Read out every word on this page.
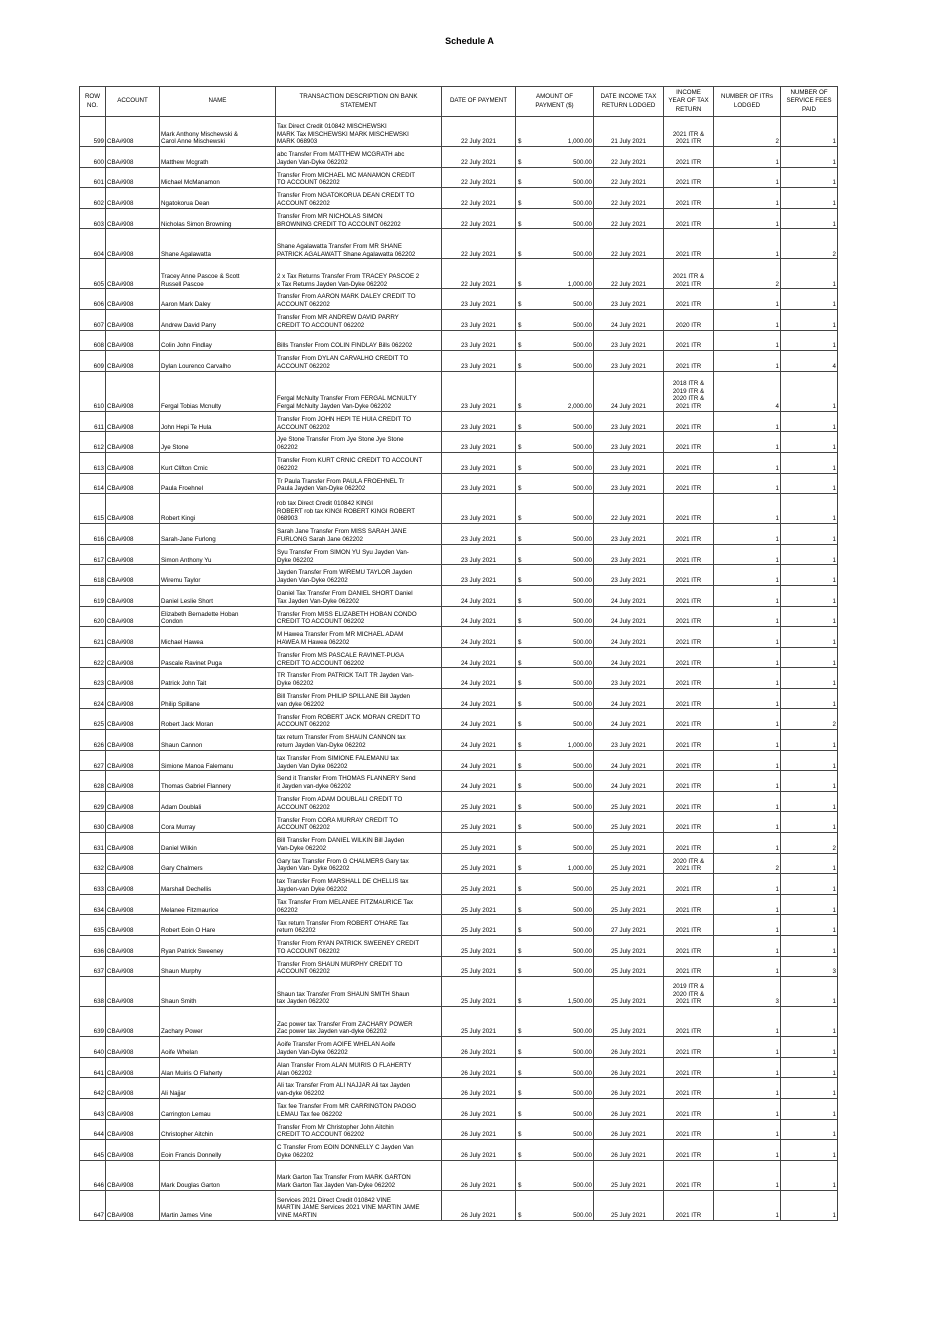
Schedule A
ROW
NO.	ACCOUNT	NAME	TRANSACTION DESCRIPTION ON BANK
STATEMENT	DATE OF PAYMENT	AMOUNT OF
PAYMENT ($)	DATE INCOME TAX
RETURN LODGED	INCOME
YEAR OF TAX
RETURN	NUMBER OF ITRs
LODGED	NUMBER OF
SERVICE FEES
PAID
599	CBA#908	Mark Anthony Mischewski &
Carol Anne Mischewski	Tax Direct Credit 010842 MISCHEWSKI
MARK Tax MISCHEWSKI MARK MISCHEWSKI
MARK 068903	22 July 2021	$ 1,000.00	21 July 2021	2021 ITR &
2021 ITR	2	1
600	CBA#908	Matthew Mcgrath	abc Transfer From MATTHEW MCGRATH abc
Jayden Van-Dyke 062202	22 July 2021	$ 500.00	22 July 2021	2021 ITR	1	1
601	CBA#908	Michael McManamon	Transfer From MICHAEL MC MANAMON CREDIT
TO ACCOUNT 062202	22 July 2021	$ 500.00	22 July 2021	2021 ITR	1	1
602	CBA#908	Ngatokorua Dean	Transfer From NGATOKORUA DEAN CREDIT TO
ACCOUNT 062202	22 July 2021	$ 500.00	22 July 2021	2021 ITR	1	1
603	CBA#908	Nicholas Simon Browning	Transfer From MR NICHOLAS SIMON
BROWNING CREDIT TO ACCOUNT 062202	22 July 2021	$ 500.00	22 July 2021	2021 ITR	1	1
604	CBA#908	Shane Agalawatta	Shane Agalawatta Transfer From MR SHANE
PATRICK AGALAWATT Shane Agalawatta 062202	22 July 2021	$ 500.00	22 July 2021	2021 ITR	1	2
605	CBA#908	Tracey Anne Pascoe & Scott
Russell Pascoe	2 x Tax Returns Transfer From TRACEY PASCOE 2
x Tax Returns Jayden Van-Dyke 062202	22 July 2021	$ 1,000.00	22 July 2021	2021 ITR &
2021 ITR	2	1
606	CBA#908	Aaron Mark Daley	Transfer From AARON MARK DALEY CREDIT TO
ACCOUNT 062202	23 July 2021	$ 500.00	23 July 2021	2021 ITR	1	1
607	CBA#908	Andrew David Parry	Transfer From MR ANDREW DAVID PARRY
CREDIT TO ACCOUNT 062202	23 July 2021	$ 500.00	24 July 2021	2020 ITR	1	1
608	CBA#908	Colin John Findlay	Bills Transfer From COLIN FINDLAY Bills 062202	23 July 2021	$ 500.00	23 July 2021	2021 ITR	1	1
609	CBA#908	Dylan Lourenco Carvalho	Transfer From DYLAN CARVALHO CREDIT TO
ACCOUNT 062202	23 July 2021	$ 500.00	23 July 2021	2021 ITR	1	4
610	CBA#908	Fergal Tobias Mcnulty	Fergal McNulty Transfer From FERGAL MCNULTY
Fergal McNulty Jayden Van-Dyke 062202	23 July 2021	$ 2,000.00	24 July 2021	2018 ITR &
2019 ITR &
2020 ITR &
2021 ITR	4	1
611	CBA#908	John Hepi Te Hula	Transfer From JOHN HEPI TE HUIA CREDIT TO
ACCOUNT 062202	23 July 2021	$ 500.00	23 July 2021	2021 ITR	1	1
612	CBA#908	Jye Stone	Jye Stone Transfer From Jye Stone Jye Stone
062202	23 July 2021	$ 500.00	23 July 2021	2021 ITR	1	1
613	CBA#908	Kurt Clifton Crnic	Transfer From KURT CRNIC CREDIT TO ACCOUNT
062202	23 July 2021	$ 500.00	23 July 2021	2021 ITR	1	1
614	CBA#908	Paula Froehnel	Tr Paula Transfer From PAULA FROEHNEL Tr
Paula Jayden Van-Dyke 062202	23 July 2021	$ 500.00	23 July 2021	2021 ITR	1	1
615	CBA#908	Robert Kingi	rob tax Direct Credit 010842 KINGI
ROBERT rob tax KINGI ROBERT KINGI ROBERT
068903	23 July 2021	$ 500.00	22 July 2021	2021 ITR	1	1
616	CBA#908	Sarah-Jane Furlong	Sarah Jane Transfer From MISS SARAH JANE
FURLONG Sarah Jane 062202	23 July 2021	$ 500.00	23 July 2021	2021 ITR	1	1
617	CBA#908	Simon Anthony Yu	Syu Transfer From SIMON YU Syu Jayden Van-
Dyke 062202	23 July 2021	$ 500.00	23 July 2021	2021 ITR	1	1
618	CBA#908	Wiremu Taylor	Jayden Transfer From WIREMU TAYLOR Jayden
Jayden Van-Dyke 062202	23 July 2021	$ 500.00	23 July 2021	2021 ITR	1	1
619	CBA#908	Daniel Leslie Short	Daniel Tax Transfer From DANIEL SHORT Daniel
Tax Jayden Van-Dyke 062202	24 July 2021	$ 500.00	24 July 2021	2021 ITR	1	1
620	CBA#908	Elizabeth Bernadette Hoban
Condon	Transfer From MISS ELIZABETH HOBAN CONDO
CREDIT TO ACCOUNT 062202	24 July 2021	$ 500.00	24 July 2021	2021 ITR	1	1
621	CBA#908	Michael Hawea	M Hawea Transfer From MR MICHAEL ADAM
HAWEA M Hawea 062202	24 July 2021	$ 500.00	24 July 2021	2021 ITR	1	1
622	CBA#908	Pascale Ravinet Puga	Transfer From MS PASCALE RAVINET-PUGA
CREDIT TO ACCOUNT 062202	24 July 2021	$ 500.00	24 July 2021	2021 ITR	1	1
623	CBA#908	Patrick John Tait	TR Transfer From PATRICK TAIT TR Jayden Van-
Dyke 062202	24 July 2021	$ 500.00	23 July 2021	2021 ITR	1	1
624	CBA#908	Philip Spillane	Bill Transfer From PHILIP SPILLANE Bill Jayden
van dyke 062202	24 July 2021	$ 500.00	24 July 2021	2021 ITR	1	1
625	CBA#908	Robert Jack Moran	Transfer From ROBERT JACK MORAN CREDIT TO
ACCOUNT 062202	24 July 2021	$ 500.00	24 July 2021	2021 ITR	1	2
626	CBA#908	Shaun Cannon	tax return Transfer From SHAUN CANNON tax
return Jayden Van-Dyke 062202	24 July 2021	$ 1,000.00	23 July 2021	2021 ITR	1	1
627	CBA#908	Simione Manoa Falemanu	tax Transfer From SIMIONE FALEMANU tax
Jayden Van Dyke 062202	24 July 2021	$ 500.00	24 July 2021	2021 ITR	1	1
628	CBA#908	Thomas Gabriel Flannery	Send it Transfer From THOMAS FLANNERY Send
it Jayden van-dyke 062202	24 July 2021	$ 500.00	24 July 2021	2021 ITR	1	1
629	CBA#908	Adam Doublali	Transfer From ADAM DOUBLALI CREDIT TO
ACCOUNT 062202	25 July 2021	$ 500.00	25 July 2021	2021 ITR	1	1
630	CBA#908	Cora Murray	Transfer From CORA MURRAY CREDIT TO
ACCOUNT 062202	25 July 2021	$ 500.00	25 July 2021	2021 ITR	1	1
631	CBA#908	Daniel Wilkin	Bill Transfer From DANIEL WILKIN Bill Jayden
Van-Dyke 062202	25 July 2021	$ 500.00	25 July 2021	2021 ITR	1	2
632	CBA#908	Gary Chalmers	Gary tax Transfer From G CHALMERS Gary tax
Jayden Van- Dyke 062202	25 July 2021	$ 1,000.00	25 July 2021	2020 ITR &
2021 ITR	2	1
633	CBA#908	Marshall Dechellis	tax Transfer From MARSHALL DE CHELLIS tax
Jayden-van Dyke 062202	25 July 2021	$ 500.00	25 July 2021	2021 ITR	1	1
634	CBA#908	Melanee Fitzmaurice	Tax Transfer From MELANEE FITZMAURICE Tax
062202	25 July 2021	$ 500.00	25 July 2021	2021 ITR	1	1
635	CBA#908	Robert Eoin O Hare	Tax return Transfer From ROBERT O'HARE Tax
return 062202	25 July 2021	$ 500.00	27 July 2021	2021 ITR	1	1
636	CBA#908	Ryan Patrick Sweeney	Transfer From RYAN PATRICK SWEENEY CREDIT
TO ACCOUNT 062202	25 July 2021	$ 500.00	25 July 2021	2021 ITR	1	1
637	CBA#908	Shaun Murphy	Transfer From SHAUN MURPHY CREDIT TO
ACCOUNT 062202	25 July 2021	$ 500.00	25 July 2021	2021 ITR	1	3
638	CBA#908	Shaun Smith	Shaun tax Transfer From SHAUN SMITH Shaun
tax Jayden 062202	25 July 2021	$ 1,500.00	25 July 2021	2019 ITR &
2020 ITR &
2021 ITR	3	1
639	CBA#908	Zachary Power	Zac power tax Transfer From ZACHARY POWER
Zac power tax Jayden van-dyke 062202	25 July 2021	$ 500.00	25 July 2021	2021 ITR	1	1
640	CBA#908	Aoife Whelan	Aoife Transfer From AOIFE WHELAN Aoife
Jayden Van-Dyke 062202	26 July 2021	$ 500.00	26 July 2021	2021 ITR	1	1
641	CBA#908	Alan Muiris O Flaherty	Alan Transfer From ALAN MUIRIS O FLAHERTY
Alan 062202	26 July 2021	$ 500.00	26 July 2021	2021 ITR	1	1
642	CBA#908	Ali Najjar	Ali tax Transfer From ALI NAJJAR Ali tax Jayden
van-dyke 062202	26 July 2021	$ 500.00	26 July 2021	2021 ITR	1	1
643	CBA#908	Carrington Lemau	Tax fee Transfer From MR CARRINGTON PAOGO
LEMAU Tax fee 062202	26 July 2021	$ 500.00	26 July 2021	2021 ITR	1	1
644	CBA#908	Christopher Aitchin	Transfer From Mr Christopher John Aitchin
CREDIT TO ACCOUNT 062202	26 July 2021	$ 500.00	26 July 2021	2021 ITR	1	1
645	CBA#908	Eoin Francis Donnelly	C Transfer From EOIN DONNELLY C Jayden Van
Dyke 062202	26 July 2021	$ 500.00	26 July 2021	2021 ITR	1	1
646	CBA#908	Mark Douglas Garton	Mark Garton Tax Transfer From MARK GARTON
Mark Garton Tax Jayden Van-Dyke 062202	26 July 2021	$ 500.00	25 July 2021	2021 ITR	1	1
647	CBA#908	Martin James Vine	Services 2021 Direct Credit 010842 VINE
MARTIN JAME Services 2021 VINE MARTIN JAME
VINE MARTIN	26 July 2021	$ 500.00	25 July 2021	2021 ITR	1	1
